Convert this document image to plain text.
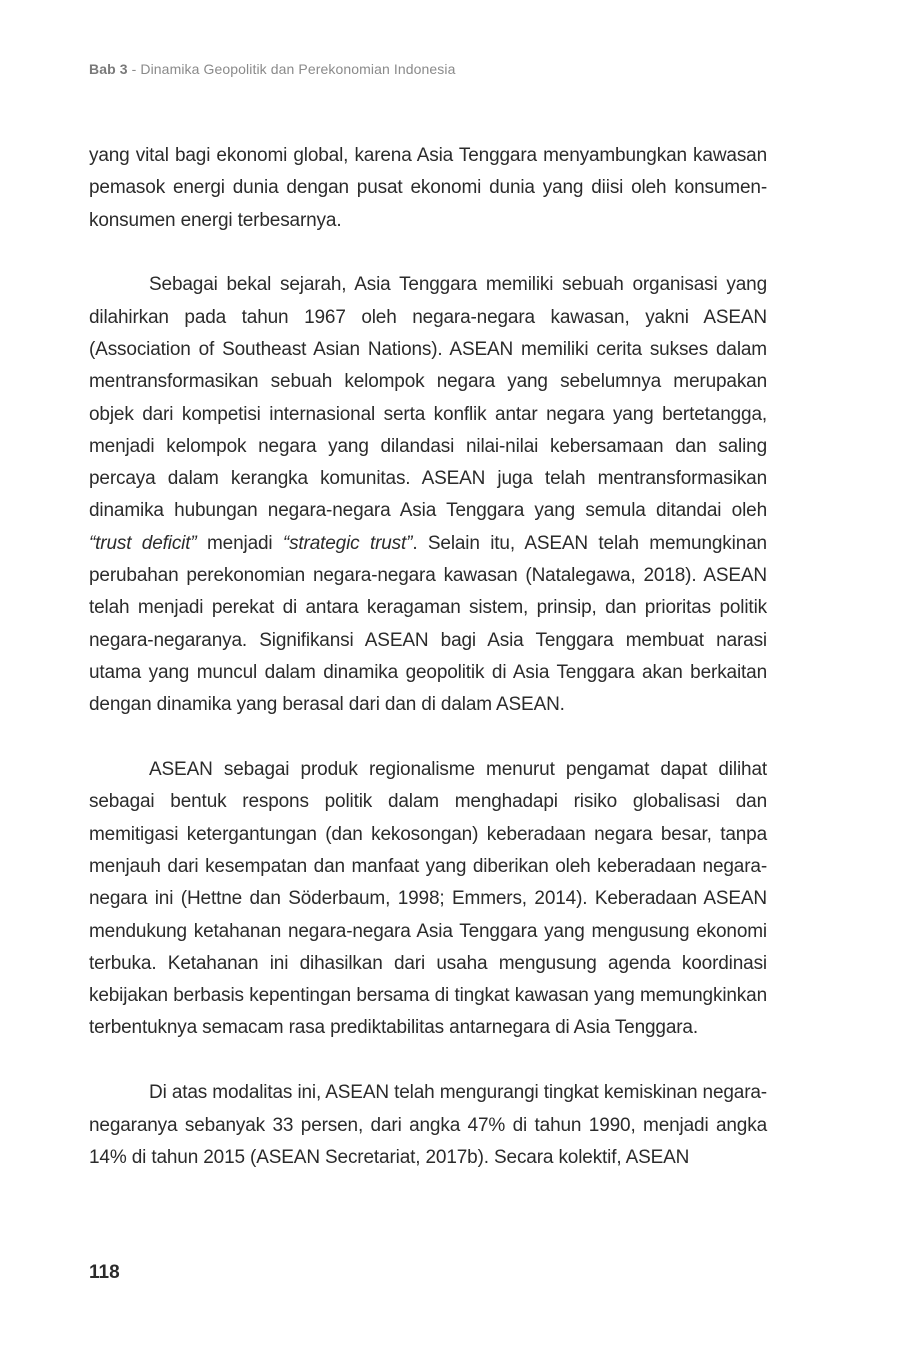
Bab 3 - Dinamika Geopolitik dan Perekonomian Indonesia

yang vital bagi ekonomi global, karena Asia Tenggara menyambungkan kawasan pemasok energi dunia dengan pusat ekonomi dunia yang diisi oleh konsumen-konsumen energi terbesarnya.

Sebagai bekal sejarah, Asia Tenggara memiliki sebuah organisasi yang dilahirkan pada tahun 1967 oleh negara-negara kawasan, yakni ASEAN (Association of Southeast Asian Nations). ASEAN memiliki cerita sukses dalam mentransformasikan sebuah kelompok negara yang sebelumnya merupakan objek dari kompetisi internasional serta konflik antar negara yang bertetangga, menjadi kelompok negara yang dilandasi nilai-nilai kebersamaan dan saling percaya dalam kerangka komunitas. ASEAN juga telah mentransformasikan dinamika hubungan negara-negara Asia Tenggara yang semula ditandai oleh “trust deficit” menjadi “strategic trust”. Selain itu, ASEAN telah memungkinan perubahan perekonomian negara-negara kawasan (Natalegawa, 2018). ASEAN telah menjadi perekat di antara keragaman sistem, prinsip, dan prioritas politik negara-negaranya. Signifikansi ASEAN bagi Asia Tenggara membuat narasi utama yang muncul dalam dinamika geopolitik di Asia Tenggara akan berkaitan dengan dinamika yang berasal dari dan di dalam ASEAN.

ASEAN sebagai produk regionalisme menurut pengamat dapat dilihat sebagai bentuk respons politik dalam menghadapi risiko globalisasi dan memitigasi ketergantungan (dan kekosongan) keberadaan negara besar, tanpa menjauh dari kesempatan dan manfaat yang diberikan oleh keberadaan negara-negara ini (Hettne dan Söderbaum, 1998; Emmers, 2014). Keberadaan ASEAN mendukung ketahanan negara-negara Asia Tenggara yang mengusung ekonomi terbuka. Ketahanan ini dihasilkan dari usaha mengusung agenda koordinasi kebijakan berbasis kepentingan bersama di tingkat kawasan yang memungkinkan terbentuknya semacam rasa prediktabilitas antarnegara di Asia Tenggara.

Di atas modalitas ini, ASEAN telah mengurangi tingkat kemiskinan negara-negaranya sebanyak 33 persen, dari angka 47% di tahun 1990, menjadi angka 14% di tahun 2015 (ASEAN Secretariat, 2017b). Secara kolektif, ASEAN

118
